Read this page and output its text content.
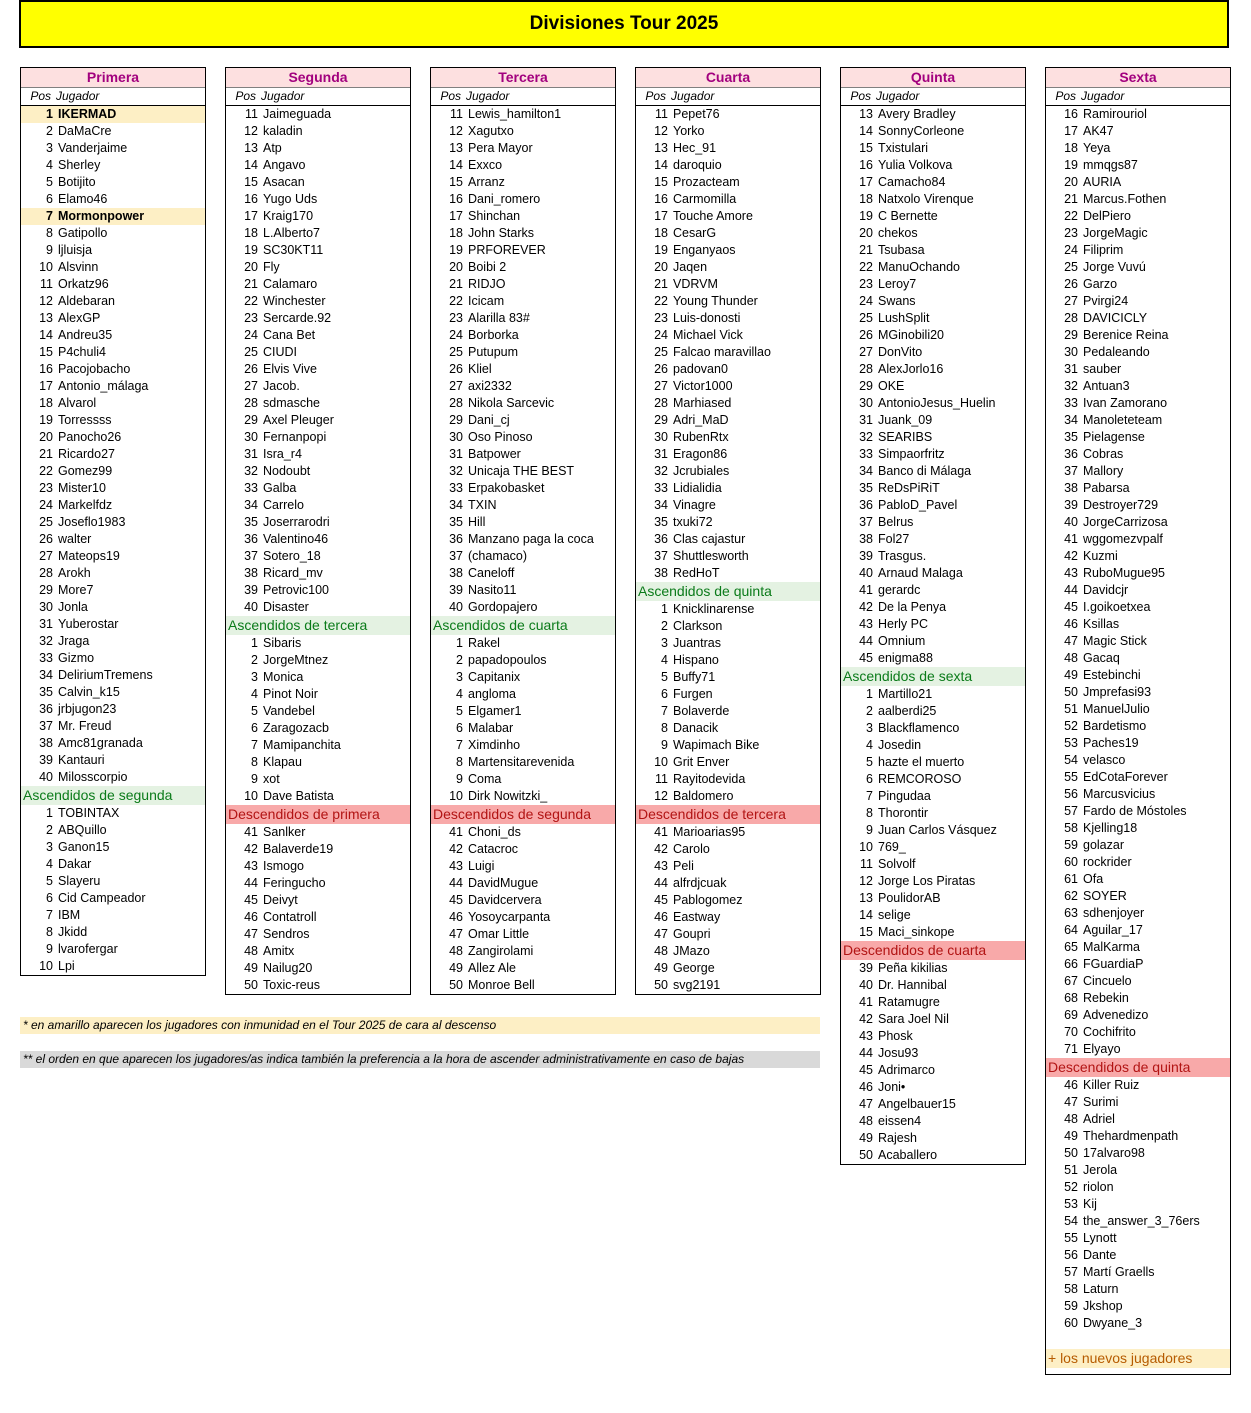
Divisiones Tour 2025
Primera
Pos Jugador
1 IKERMAD
2 DaMaCre
3 Vanderjaime
4 Sherley
5 Botijito
6 Elamo46
7 Mormonpower
8 Gatipollo
9 ljluisja
10 Alsvinn
11 Orkatz96
12 Aldebaran
13 AlexGP
14 Andreu35
15 P4chuli4
16 Pacojobacho
17 Antonio_málaga
18 Alvarol
19 Torressss
20 Panocho26
21 Ricardo27
22 Gomez99
23 Mister10
24 Markelfdz
25 Joseflo1983
26 walter
27 Mateops19
28 Arokh
29 More7
30 Jonla
31 Yuberostar
32 Jraga
33 Gizmo
34 DeliriumTremens
35 Calvin_k15
36 jrbjugon23
37 Mr. Freud
38 Amc81granada
39 Kantauri
40 Milosscorpio
Ascendidos de segunda
1 TOBINTAX
2 ABQuillo
3 Ganon15
4 Dakar
5 Slayeru
6 Cid Campeador
7 IBM
8 Jkidd
9 lvarofergar
10 Lpi
Segunda
Pos Jugador
11 Jaimeguada
12 kaladin
13 Atp
14 Angavo
15 Asacan
16 Yugo Uds
17 Kraig170
18 L.Alberto7
19 SC30KT11
20 Fly
21 Calamaro
22 Winchester
23 Sercarde.92
24 Cana Bet
25 CIUDI
26 Elvis Vive
27 Jacob.
28 sdmasche
29 Axel Pleuger
30 Fernanpopi
31 Isra_r4
32 Nodoubt
33 Galba
34 Carrelo
35 Joserrarodri
36 Valentino46
37 Sotero_18
38 Ricard_mv
39 Petrovic100
40 Disaster
Ascendidos de tercera
1 Sibaris
2 JorgeMtnez
3 Monica
4 Pinot Noir
5 Vandebel
6 Zaragozacb
7 Mamipanchita
8 Klapau
9 xot
10 Dave Batista
Descendidos de primera
41 Sanlker
42 Balaverde19
43 Ismogo
44 Feringucho
45 Deivyt
46 Contatroll
47 Sendros
48 Amitx
49 Nailug20
50 Toxic-reus
Tercera
Pos Jugador
11 Lewis_hamilton1
12 Xagutxo
13 Pera Mayor
14 Exxco
15 Arranz
16 Dani_romero
17 Shinchan
18 John Starks
19 PRFOREVER
20 Boibi 2
21 RIDJO
22 Icicam
23 Alarilla 83#
24 Borborka
25 Putupum
26 Kliel
27 axi2332
28 Nikola Sarcevic
29 Dani_cj
30 Oso Pinoso
31 Batpower
32 Unicaja THE BEST
33 Erpakobasket
34 TXIN
35 Hill
36 Manzano paga la coca
37 (chamaco)
38 Caneloff
39 Nasito11
40 Gordopajero
Ascendidos de cuarta
1 Rakel
2 papadopoulos
3 Capitanix
4 angloma
5 Elgamer1
6 Malabar
7 Ximdinho
8 Martensitarevenida
9 Coma
10 Dirk Nowitzki_
Descendidos de segunda
41 Choni_ds
42 Catacroc
43 Luigi
44 DavidMugue
45 Davidcervera
46 Yosoycarpanta
47 Omar Little
48 Zangirolami
49 Allez Ale
50 Monroe Bell
Cuarta
Pos Jugador
11 Pepet76
12 Yorko
13 Hec_91
14 daroquio
15 Prozacteam
16 Carmomilla
17 Touche Amore
18 CesarG
19 Enganyaos
20 Jaqen
21 VDRVM
22 Young Thunder
23 Luis-donosti
24 Michael Vick
25 Falcao maravillao
26 padovan0
27 Victor1000
28 Marhiased
29 Adri_MaD
30 RubenRtx
31 Eragon86
32 Jcrubiales
33 Lidialidia
34 Vinagre
35 txuki72
36 Clas cajastur
37 Shuttlesworth
38 RedHoT
Ascendidos de quinta
1 Knicklinarense
2 Clarkson
3 Juantras
4 Hispano
5 Buffy71
6 Furgen
7 Bolaverde
8 Danacik
9 Wapimach Bike
10 Grit Enver
11 Rayitodevida
12 Baldomero
Descendidos de tercera
41 Marioarias95
42 Carolo
43 Peli
44 alfrdjcuak
45 Pablogomez
46 Eastway
47 Goupri
48 JMazo
49 George
50 svg2191
Quinta
Pos Jugador
13 Avery Bradley
14 SonnyCorleone
15 Txistulari
16 Yulia Volkova
17 Camacho84
18 Natxolo Virenque
19 C Bernette
20 chekos
21 Tsubasa
22 ManuOchando
23 Leroy7
24 Swans
25 LushSplit
26 MGinobili20
27 DonVito
28 AlexJorlo16
29 OKE
30 AntonioJesus_Huelin
31 Juank_09
32 SEARIBS
33 Simpaorfritz
34 Banco di Málaga
35 ReDsPiRiT
36 PabloD_Pavel
37 Belrus
38 Fol27
39 Trasgus.
40 Arnaud Malaga
41 gerardc
42 De la Penya
43 Herly PC
44 Omnium
45 enigma88
Ascendidos de sexta
1 Martillo21
2 aalberdi25
3 Blackflamenco
4 Josedin
5 hazte el muerto
6 REMCOROSO
7 Pingudaa
8 Thorontir
9 Juan Carlos Vásquez
10 769_
11 Solvolf
12 Jorge Los Piratas
13 PoulidorAB
14 selige
15 Maci_sinkope
Descendidos de cuarta
39 Peña kikilias
40 Dr. Hannibal
41 Ratamugre
42 Sara Joel Nil
43 Phosk
44 Josu93
45 Adrimarco
46 Joni•
47 Angelbauer15
48 eissen4
49 Rajesh
50 Acaballero
Sexta
Pos Jugador
16 Ramirouriol
17 AK47
18 Yeya
19 mmqgs87
20 AURIA
21 Marcus.Fothen
22 DelPiero
23 JorgeMagic
24 Filiprim
25 Jorge Vuvú
26 Garzo
27 Pvirgi24
28 DAVICICLY
29 Berenice Reina
30 Pedaleando
31 sauber
32 Antuan3
33 Ivan Zamorano
34 Manoleteteam
35 Pielagense
36 Cobras
37 Mallory
38 Pabarsa
39 Destroyer729
40 JorgeCarrizosa
41 wggomezvpalf
42 Kuzmi
43 RuboMugue95
44 Davidcjr
45 I.goikoetxea
46 Ksillas
47 Magic Stick
48 Gacaq
49 Estebinchi
50 Jmprefasi93
51 ManuelJulio
52 Bardetismo
53 Paches19
54 velasco
55 EdCotaForever
56 Marcusvicius
57 Fardo de Móstoles
58 Kjelling18
59 golazar
60 rockrider
61 Ofa
62 SOYER
63 sdhenjoyer
64 Aguilar_17
65 MalKarma
66 FGuardiaP
67 Cincuelo
68 Rebekin
69 Advenedizo
70 Cochifrito
71 Elyayo
Descendidos de quinta
46 Killer Ruiz
47 Surimi
48 Adriel
49 Thehardmenpath
50 17alvaro98
51 Jerola
52 riolon
53 Kij
54 the_answer_3_76ers
55 Lynott
56 Dante
57 Martí Graells
58 Laturn
59 Jkshop
60 Dwyane_3
+ los nuevos jugadores
* en amarillo aparecen los jugadores con inmunidad en el Tour 2025 de cara al descenso
** el orden en que aparecen los jugadores/as indica también la preferencia a la hora de ascender administrativamente en caso de bajas
